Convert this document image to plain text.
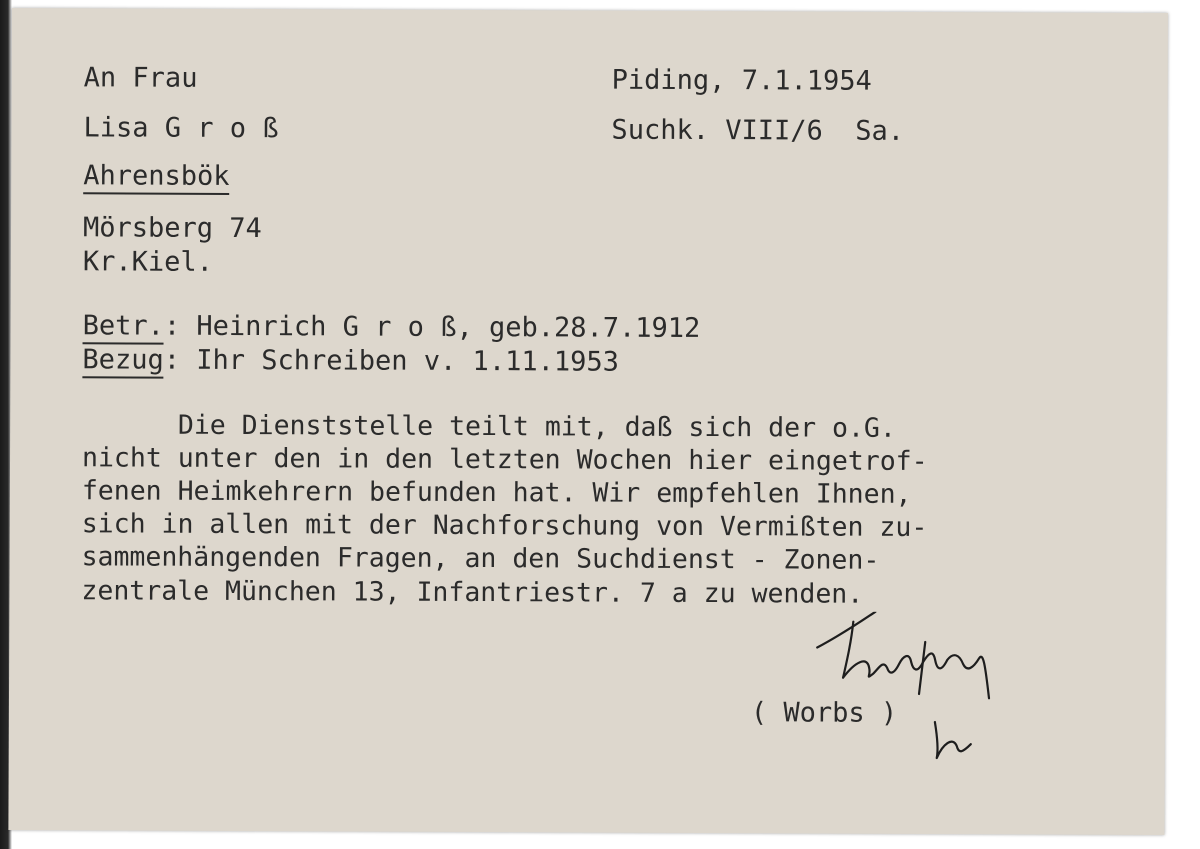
An Frau
Lisa G r o ß
Ahrensbök
Mörsberg 74
Kr.Kiel.
Piding, 7.1.1954
Suchk. VIII/6  Sa.
Betr.: Heinrich G r o ß, geb.28.7.1912
Bezug: Ihr Schreiben v. 1.11.1953

Die Dienststelle teilt mit, daß sich der o.G.

nicht unter den in den letzten Wochen hier eingetrof-

fenen Heimkehrern befunden hat. Wir empfehlen Ihnen,

sich in allen mit der Nachforschung von Vermißten zu-

sammenhängenden Fragen, an den Suchdienst - Zonen-

zentrale München 13, Infantriestr. 7 a zu wenden.

( Worbs )
